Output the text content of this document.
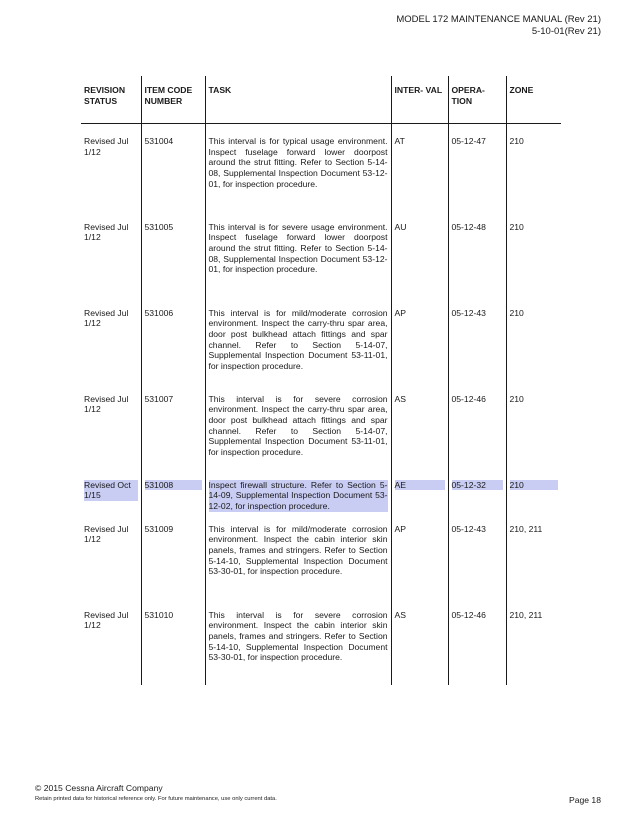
MODEL 172 MAINTENANCE MANUAL (Rev 21)
5-10-01(Rev 21)
REVISION STATUS	ITEM CODE NUMBER	TASK	INTER- VAL	OPERA- TION	ZONE
Revised Jul 1/12	531004	This interval is for typical usage environment. Inspect fuselage forward lower doorpost around the strut fitting. Refer to Section 5-14-08, Supplemental Inspection Document 53-12-01, for inspection procedure.	AT	05-12-47	210
Revised Jul 1/12	531005	This interval is for severe usage environment. Inspect fuselage forward lower doorpost around the strut fitting. Refer to Section 5-14-08, Supplemental Inspection Document 53-12-01, for inspection procedure.	AU	05-12-48	210
Revised Jul 1/12	531006	This interval is for mild/moderate corrosion environment. Inspect the carry-thru spar area, door post bulkhead attach fittings and spar channel. Refer to Section 5-14-07, Supplemental Inspection Document 53-11-01, for inspection procedure.	AP	05-12-43	210
Revised Jul 1/12	531007	This interval is for severe corrosion environment. Inspect the carry-thru spar area, door post bulkhead attach fittings and spar channel. Refer to Section 5-14-07, Supplemental Inspection Document 53-11-01, for inspection procedure.	AS	05-12-46	210

Revised Oct 1/15	531008	Inspect firewall structure. Refer to Section 5-14-09, Supplemental Inspection Document 53-12-02, for inspection procedure.	AE	05-12-32	210

Revised Jul 1/12	531009	This interval is for mild/moderate corrosion environment. Inspect the cabin interior skin panels, frames and stringers. Refer to Section 5-14-10, Supplemental Inspection Document 53-30-01, for inspection procedure.	AP	05-12-43	210, 211
Revised Jul 1/12	531010	This interval is for severe corrosion environment. Inspect the cabin interior skin panels, frames and stringers. Refer to Section 5-14-10, Supplemental Inspection Document 53-30-01, for inspection procedure.	AS	05-12-46	210, 211
© 2015 Cessna Aircraft Company
Retain printed data for historical reference only. For future maintenance, use only current data.	Page 18
